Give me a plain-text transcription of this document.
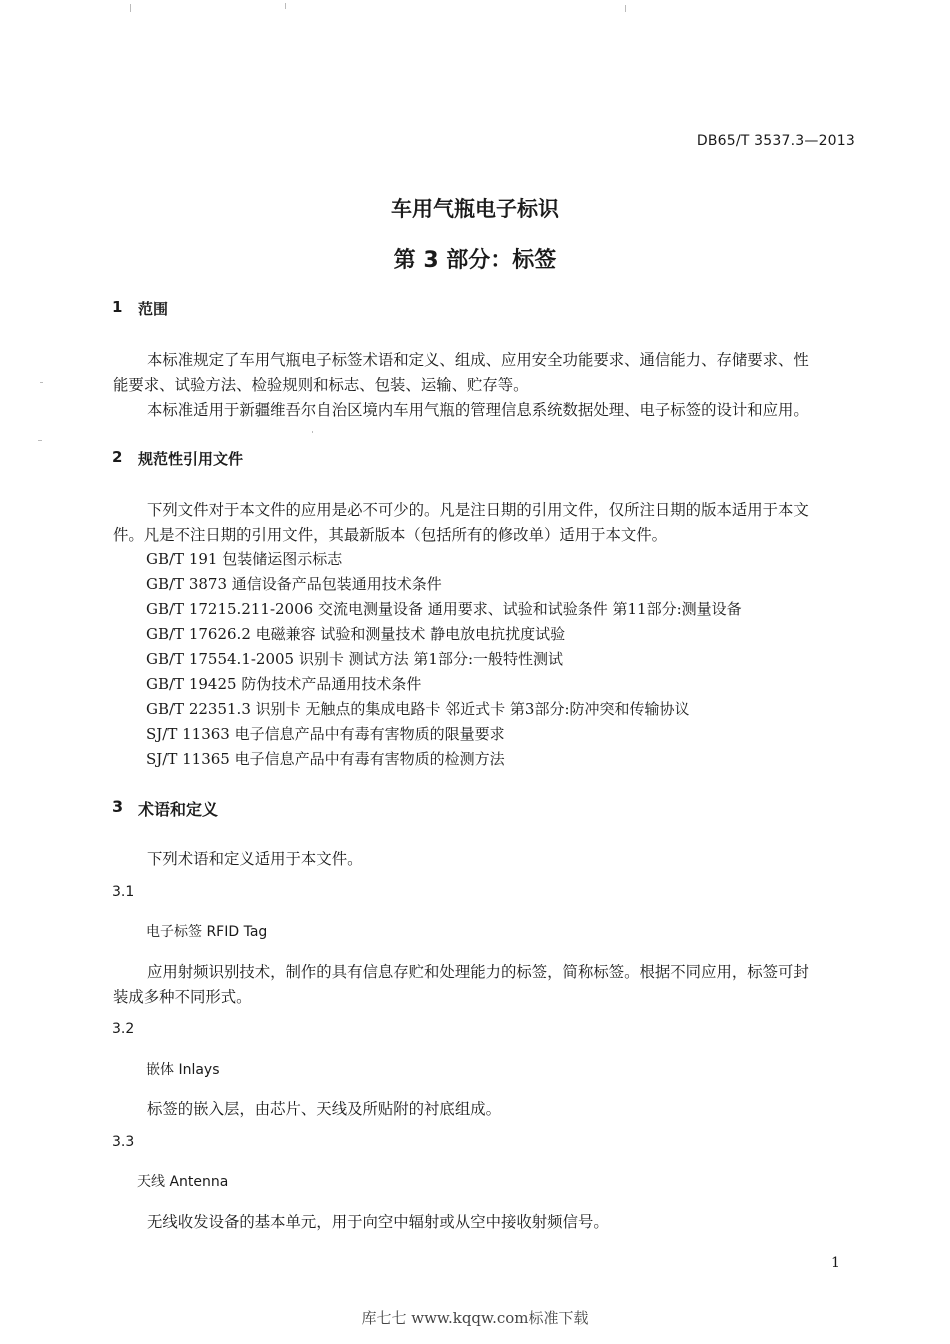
DB65/T 3537.3—2013
车用气瓶电子标识
第 3 部分：标签
1 范围
本标准规定了车用气瓶电子标签术语和定义、组成、应用安全功能要求、通信能力、存储要求、性
能要求、试验方法、检验规则和标志、包装、运输、贮存等。
本标准适用于新疆维吾尔自治区境内车用气瓶的管理信息系统数据处理、电子标签的设计和应用。
2 规范性引用文件
下列文件对于本文件的应用是必不可少的。凡是注日期的引用文件，仅所注日期的版本适用于本文
件。凡是不注日期的引用文件，其最新版本（包括所有的修改单）适用于本文件。
GB/T 191 包装储运图示标志
GB/T 3873 通信设备产品包装通用技术条件
GB/T 17215.211-2006 交流电测量设备 通用要求、试验和试验条件 第11部分:测量设备
GB/T 17626.2 电磁兼容 试验和测量技术 静电放电抗扰度试验
GB/T 17554.1-2005 识别卡 测试方法 第1部分:一般特性测试
GB/T 19425 防伪技术产品通用技术条件
GB/T 22351.3 识别卡 无触点的集成电路卡 邻近式卡 第3部分:防冲突和传输协议
SJ/T 11363 电子信息产品中有毒有害物质的限量要求
SJ/T 11365 电子信息产品中有毒有害物质的检测方法
3 术语和定义
下列术语和定义适用于本文件。
3.1
电子标签 RFID Tag
应用射频识别技术，制作的具有信息存贮和处理能力的标签，简称标签。根据不同应用，标签可封
装成多种不同形式。
3.2
嵌体 Inlays
标签的嵌入层，由芯片、天线及所贴附的衬底组成。
3.3
天线 Antenna
无线收发设备的基本单元，用于向空中辐射或从空中接收射频信号。
1
库七七 www.kqqw.com标准下载
